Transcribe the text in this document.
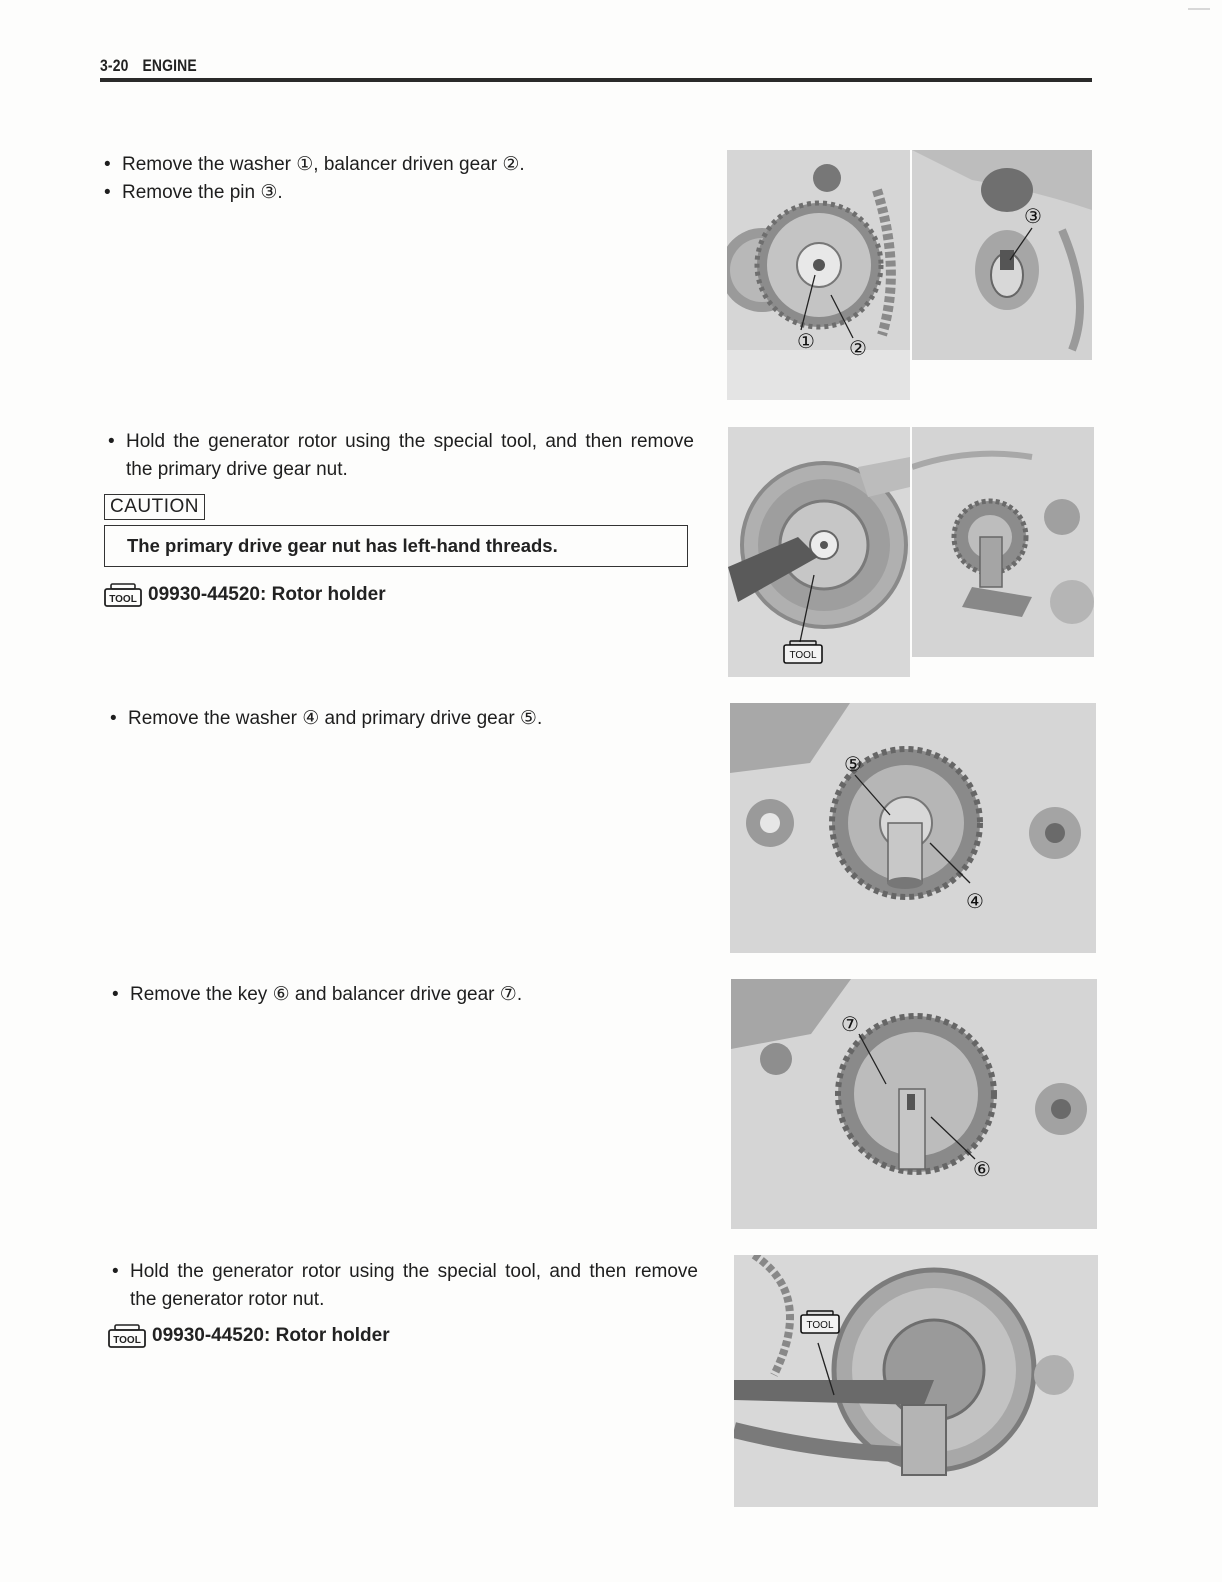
3-20 ENGINE
• Remove the washer ①, balancer driven gear ②.
• Remove the pin ③.
• Hold the generator rotor using the special tool, and then remove the primary drive gear nut.
CAUTION
The primary drive gear nut has left-hand threads.
TOOL 09930-44520: Rotor holder
• Remove the washer ④ and primary drive gear ⑤.
• Remove the key ⑥ and balancer drive gear ⑦.
• Hold the generator rotor using the special tool, and then remove the generator rotor nut.
TOOL 09930-44520: Rotor holder
① ②
③
TOOL
⑤
④
⑦
⑥
TOOL
